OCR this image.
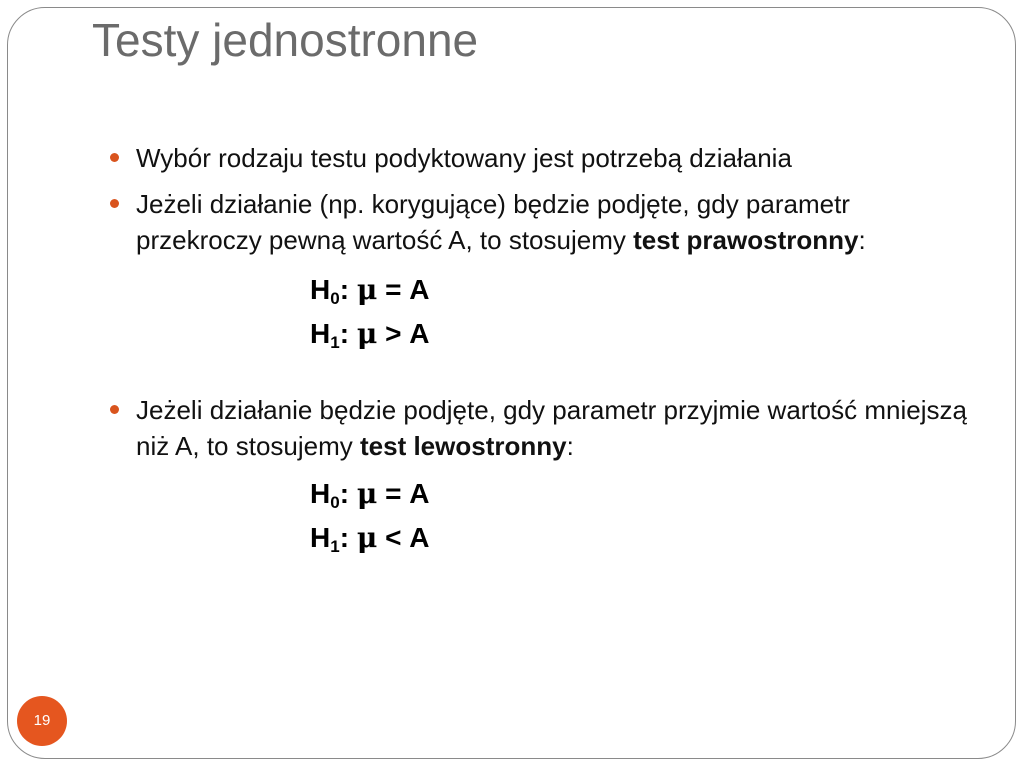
Testy jednostronne
Wybór rodzaju testu podyktowany jest potrzebą działania
Jeżeli działanie (np. korygujące) będzie podjęte, gdy parametr przekroczy pewną wartość A, to stosujemy test prawostronny:
$H_0$: μ = A
$H_1$: μ > A
Jeżeli działanie będzie podjęte, gdy parametr przyjmie wartość mniejszą niż A, to stosujemy test lewostronny:
$H_0$: μ = A
$H_1$: μ < A
19
